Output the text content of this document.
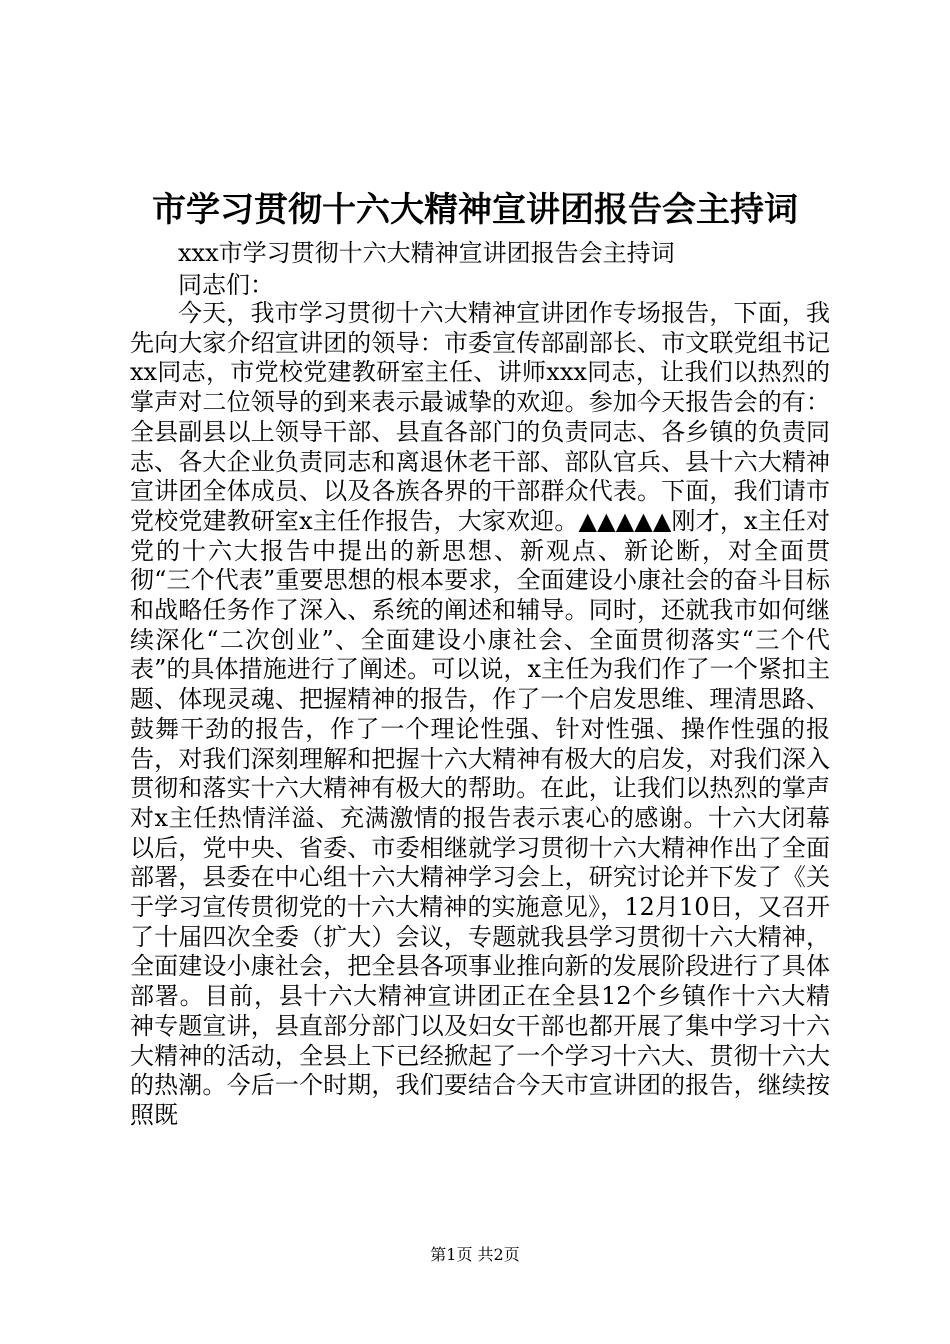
市学习贯彻十六大精神宣讲团报告会主持词
xxx市学习贯彻十六大精神宣讲团报告会主持词
同志们：

今天，我市学习贯彻十六大精神宣讲团作专场报告，下面，我先向大家介绍宣讲团的领导：市委宣传部副部长、市文联党组书记xx同志，市党校党建教研室主任、讲师xxx同志，让我们以热烈的掌声对二位领导的到来表示最诚挚的欢迎。参加今天报告会的有：全县副县以上领导干部、县直各部门的负责同志、各乡镇的负责同志、各大企业负责同志和离退休老干部、部队官兵、县十六大精神宣讲团全体成员、以及各族各界的干部群众代表。下面，我们请市党校党建教研室x主任作报告，大家欢迎。▲▲▲▲▲刚才，x主任对党的十六大报告中提出的新思想、新观点、新论断，对全面贯彻“三个代表”重要思想的根本要求，全面建设小康社会的奋斗目标和战略任务作了深入、系统的阐述和辅导。同时，还就我市如何继续深化“二次创业”、全面建设小康社会、全面贯彻落实“三个代表”的具体措施进行了阐述。可以说，x主任为我们作了一个紧扣主题、体现灵魂、把握精神的报告，作了一个启发思维、理清思路、鼓舞干劲的报告，作了一个理论性强、针对性强、操作性强的报告，对我们深刻理解和把握十六大精神有极大的启发，对我们深入贯彻和落实十六大精神有极大的帮助。在此，让我们以热烈的掌声对x主任热情洋溢、充满激情的报告表示衷心的感谢。十六大闭幕以后，党中央、省委、市委相继就学习贯彻十六大精神作出了全面部署，县委在中心组十六大精神学习会上，研究讨论并下发了《关于学习宣传贯彻党的十六大精神的实施意见》，12月10日，又召开了十届四次全委（扩大）会议，专题就我县学习贯彻十六大精神，全面建设小康社会，把全县各项事业推向新的发展阶段进行了具体部署。目前，县十六大精神宣讲团正在全县12个乡镇作十六大精神专题宣讲，县直部分部门以及妇女干部也都开展了集中学习十六大精神的活动，全县上下已经掀起了一个学习十六大、贯彻十六大的热潮。今后一个时期，我们要结合今天市宣讲团的报告，继续按照既

第1页 共2页
